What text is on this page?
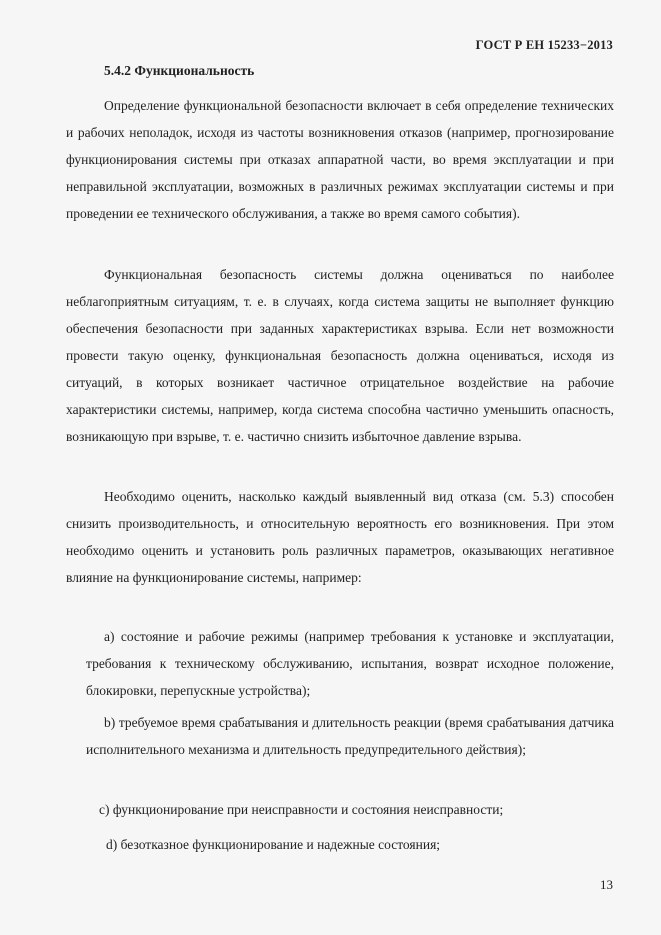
ГОСТ Р ЕН 15233−2013
5.4.2 Функциональность

Определение функциональной безопасности включает в себя определение технических и рабочих неполадок, исходя из частоты возникновения отказов (например, прогнозирование функционирования системы при отказах аппаратной части, во время эксплуатации и при неправильной эксплуатации, возможных в различных режимах эксплуатации системы и при проведении ее технического обслуживания, а также во время самого события).

Функциональная безопасность системы должна оцениваться по наиболее неблагоприятным ситуациям, т. е. в случаях, когда система защиты не выполняет функцию обеспечения безопасности при заданных характеристиках взрыва. Если нет возможности провести такую оценку, функциональная безопасность должна оцениваться, исходя из ситуаций, в которых возникает частичное отрицательное воздействие на рабочие характеристики системы, например, когда система способна частично уменьшить опасность, возникающую при взрыве, т. е. частично снизить избыточное давление взрыва.

Необходимо оценить, насколько каждый выявленный вид отказа (см. 5.3) способен снизить производительность, и относительную вероятность его возникновения. При этом необходимо оценить и установить роль различных параметров, оказывающих негативное влияние на функционирование системы, например:

a) состояние и рабочие режимы (например требования к установке и эксплуатации, требования к техническому обслуживанию, испытания, возврат исходное положение, блокировки, перепускные устройства);

b) требуемое время срабатывания и длительность реакции (время срабатывания датчика исполнительного механизма и длительность предупредительного действия);

c) функционирование при неисправности и состояния неисправности;

d) безотказное функционирование и надежные состояния;

13
